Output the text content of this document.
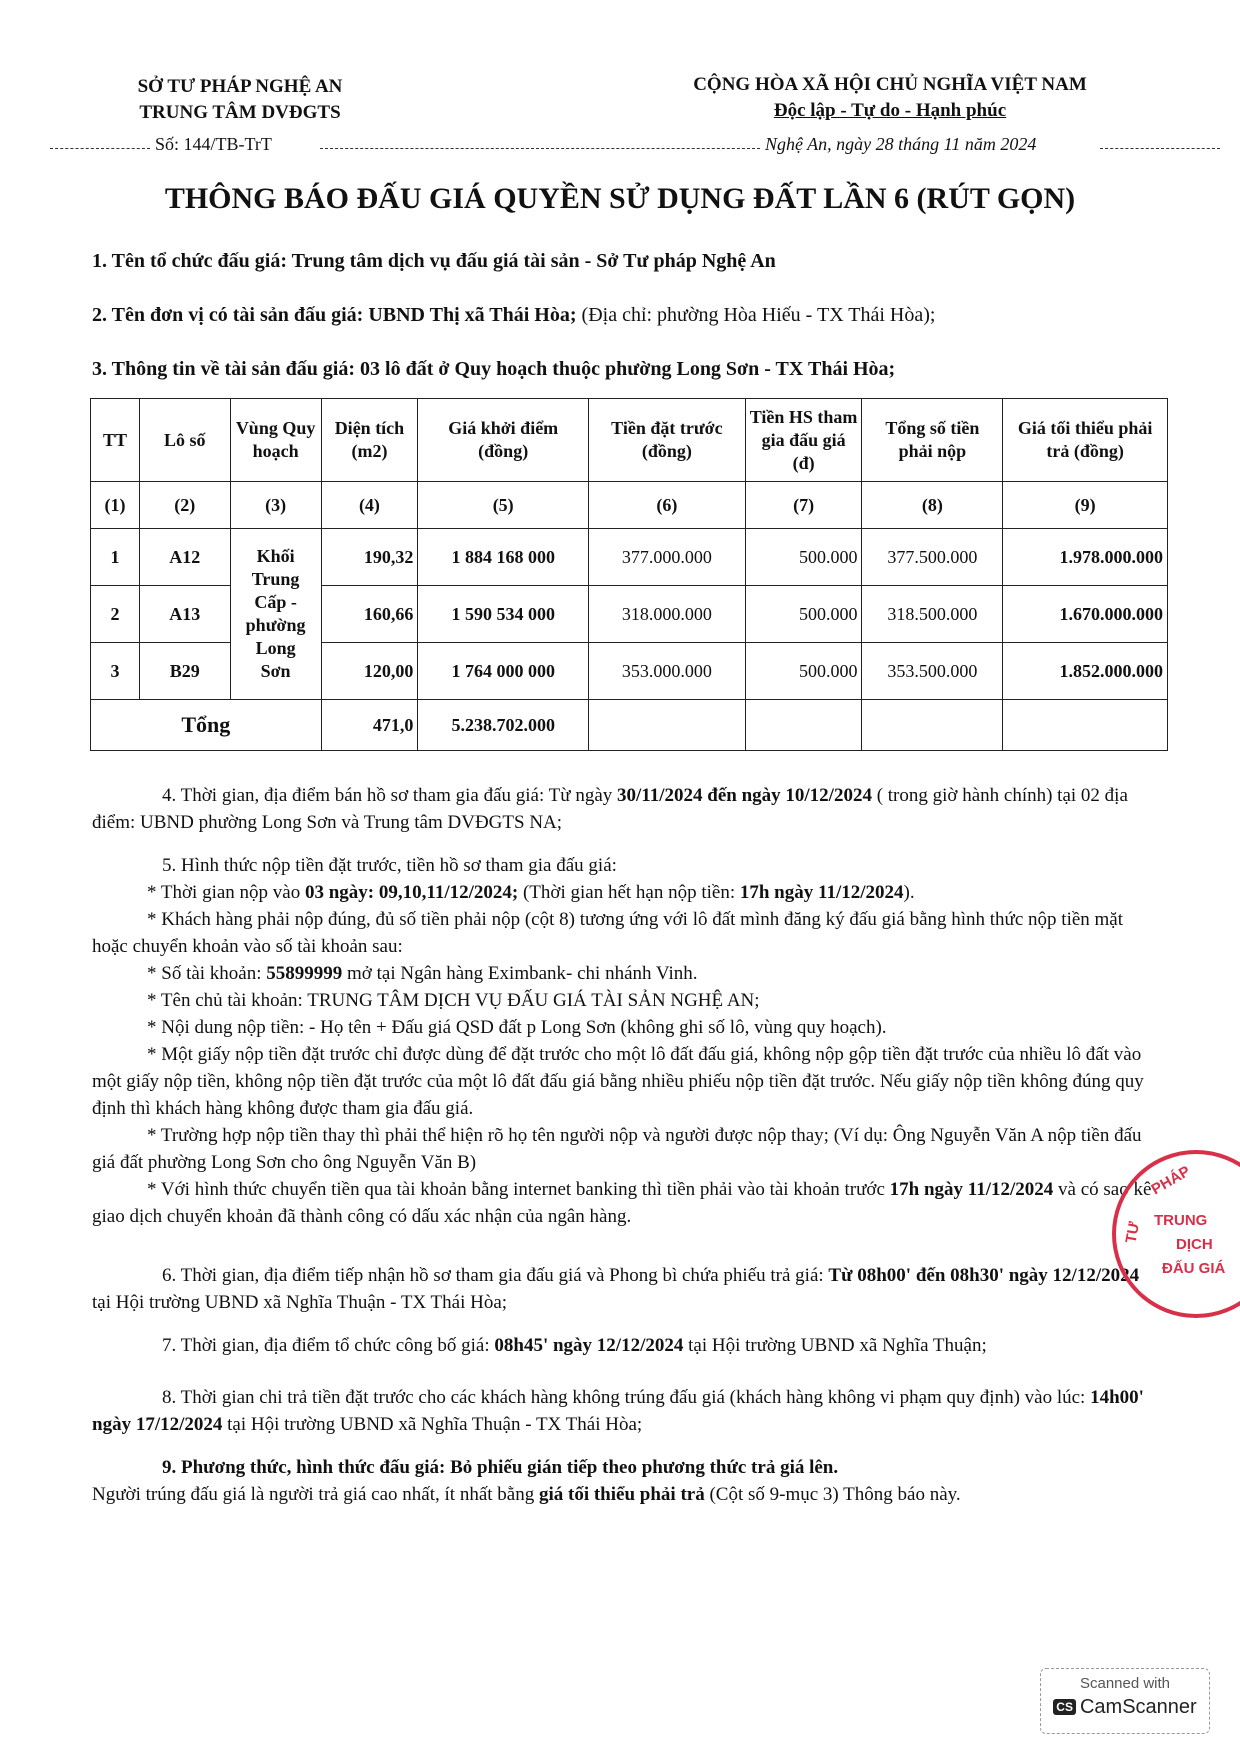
SỞ TƯ PHÁP NGHỆ AN
TRUNG TÂM DVĐGTS
CỘNG HÒA XÃ HỘI CHỦ NGHĨA VIỆT NAM
Độc lập - Tự do - Hạnh phúc
Số: 144/TB-TrT	Nghệ An, ngày 28 tháng 11 năm 2024
THÔNG BÁO ĐẤU GIÁ QUYỀN SỬ DỤNG ĐẤT LẦN 6 (RÚT GỌN)
1. Tên tổ chức đấu giá: Trung tâm dịch vụ đấu giá tài sản - Sở Tư pháp Nghệ An
2. Tên đơn vị có tài sản đấu giá: UBND Thị xã Thái Hòa; (Địa chỉ: phường Hòa Hiếu - TX Thái Hòa);
3. Thông tin về tài sản đấu giá: 03 lô đất ở Quy hoạch thuộc phường Long Sơn - TX Thái Hòa;
TT	Lô số	Vùng Quy hoạch	Diện tích (m2)	Giá khởi điểm (đồng)	Tiền đặt trước (đồng)	Tiền HS tham gia đấu giá (đ)	Tổng số tiền phải nộp	Giá tối thiểu phải trả (đồng)
(1)	(2)	(3)	(4)	(5)	(6)	(7)	(8)	(9)
1	A12	Khối Trung Cấp - phường Long Sơn	190,32	1 884 168 000	377.000.000	500.000	377.500.000	1.978.000.000
2	A13		160,66	1 590 534 000	318.000.000	500.000	318.500.000	1.670.000.000
3	B29		120,00	1 764 000 000	353.000.000	500.000	353.500.000	1.852.000.000
Tổng			471,0	5.238.702.000				
4. Thời gian, địa điểm bán hồ sơ tham gia đấu giá: Từ ngày 30/11/2024 đến ngày 10/12/2024 ( trong giờ hành chính) tại 02 địa điểm: UBND phường Long Sơn và Trung tâm DVĐGTS NA;
5. Hình thức nộp tiền đặt trước, tiền hồ sơ tham gia đấu giá:
* Thời gian nộp vào 03 ngày: 09,10,11/12/2024; (Thời gian hết hạn nộp tiền: 17h ngày 11/12/2024).
* Khách hàng phải nộp đúng, đủ số tiền phải nộp (cột 8) tương ứng với lô đất mình đăng ký đấu giá bằng hình thức nộp tiền mặt hoặc chuyển khoản vào số tài khoản sau:
* Số tài khoản: 55899999 mở tại Ngân hàng Eximbank- chi nhánh Vinh.
* Tên chủ tài khoản: TRUNG TÂM DỊCH VỤ ĐẤU GIÁ TÀI SẢN NGHỆ AN;
* Nội dung nộp tiền: - Họ tên + Đấu giá QSD đất p Long Sơn (không ghi số lô, vùng quy hoạch).
* Một giấy nộp tiền đặt trước chỉ được dùng để đặt trước cho một lô đất đấu giá, không nộp gộp tiền đặt trước của nhiều lô đất vào một giấy nộp tiền, không nộp tiền đặt trước của một lô đất đấu giá bằng nhiều phiếu nộp tiền đặt trước. Nếu giấy nộp tiền không đúng quy định thì khách hàng không được tham gia đấu giá.
* Trường hợp nộp tiền thay thì phải thể hiện rõ họ tên người nộp và người được nộp thay; (Ví dụ: Ông Nguyễn Văn A nộp tiền đấu giá đất phường Long Sơn cho ông Nguyễn Văn B)
* Với hình thức chuyển tiền qua tài khoản bằng internet banking thì tiền phải vào tài khoản trước 17h ngày 11/12/2024 và có sao kê giao dịch chuyển khoản đã thành công có dấu xác nhận của ngân hàng.
6. Thời gian, địa điểm tiếp nhận hồ sơ tham gia đấu giá và Phong bì chứa phiếu trả giá: Từ 08h00' đến 08h30' ngày 12/12/2024 tại Hội trường UBND xã Nghĩa Thuận - TX Thái Hòa;
7. Thời gian, địa điểm tổ chức công bố giá: 08h45' ngày 12/12/2024 tại Hội trường UBND xã Nghĩa Thuận;
8. Thời gian chi trả tiền đặt trước cho các khách hàng không trúng đấu giá (khách hàng không vi phạm quy định) vào lúc: 14h00' ngày 17/12/2024 tại Hội trường UBND xã Nghĩa Thuận - TX Thái Hòa;
9. Phương thức, hình thức đấu giá: Bỏ phiếu gián tiếp theo phương thức trả giá lên.
Người trúng đấu giá là người trả giá cao nhất, ít nhất bằng giá tối thiểu phải trả (Cột số 9-mục 3) Thông báo này.
PHÁP
TRUNG
DỊCH
ĐẤU GIÁ
TƯ
Scanned with
CS CamScanner
